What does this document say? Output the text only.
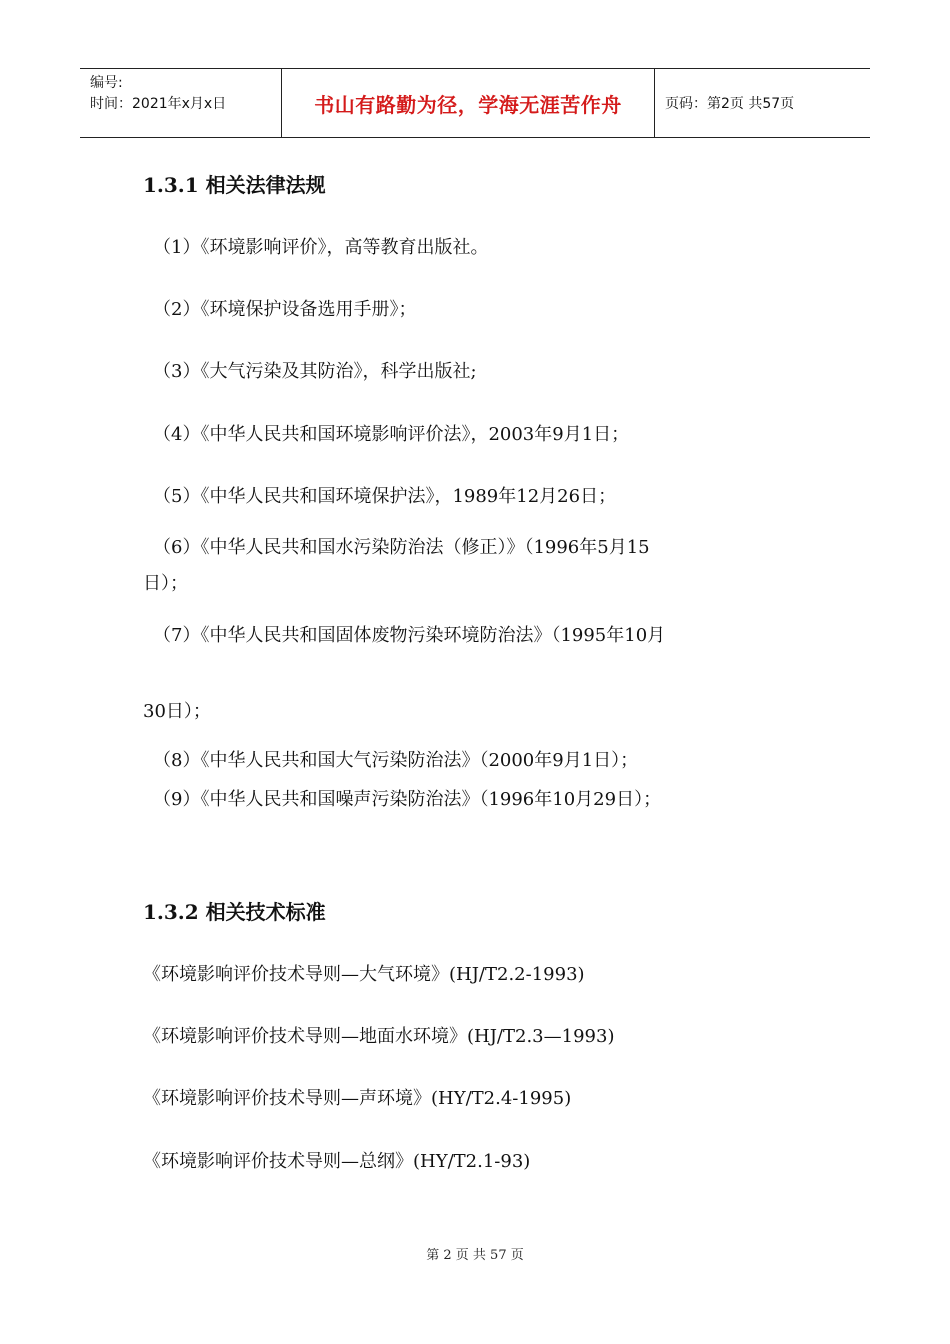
编号:
时间：2021年x月x日	书山有路勤为径，学海无涯苦作舟	页码：第2页 共57页
1.3.1 相关法律法规
（1）《环境影响评价》，高等教育出版社。
（2）《环境保护设备选用手册》；
（3）《大气污染及其防治》，科学出版社;
（4）《中华人民共和国环境影响评价法》，2003年9月1日；
（5）《中华人民共和国环境保护法》，1989年12月26日；
（6）《中华人民共和国水污染防治法（修正）》（1996年5月15
日）；
（7）《中华人民共和国固体废物污染环境防治法》（1995年10月
30日）；
（8）《中华人民共和国大气污染防治法》（2000年9月1日）；
（9）《中华人民共和国噪声污染防治法》（1996年10月29日）；
1.3.2 相关技术标准
《环境影响评价技术导则—大气环境》(HJ/T2.2-1993)
《环境影响评价技术导则—地面水环境》(HJ/T2.3—1993)
《环境影响评价技术导则—声环境》(HY/T2.4-1995)
《环境影响评价技术导则—总纲》(HY/T2.1-93)
第 2 页 共 57 页
